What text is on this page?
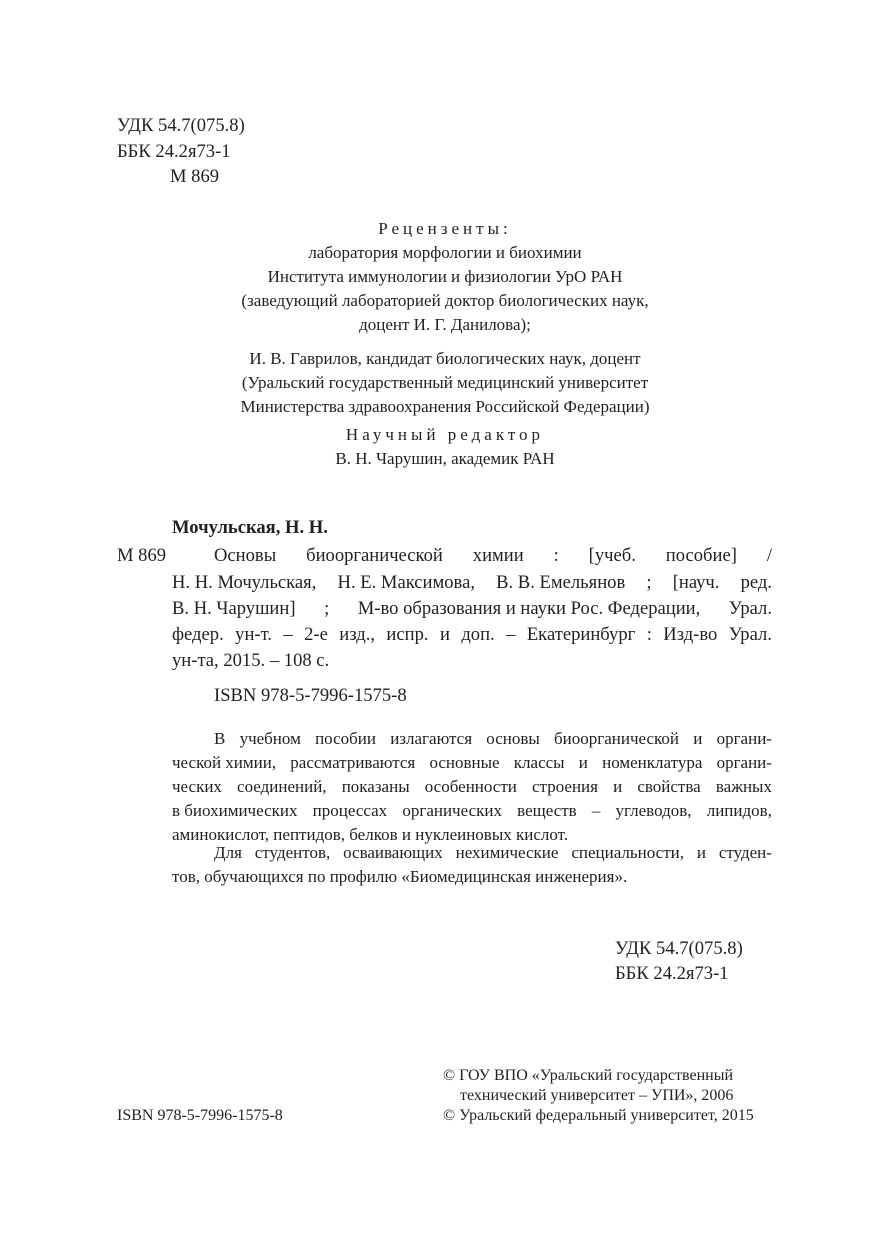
УДК 54.7(075.8)
ББК 24.2я73-1
М 869
Рецензенты:
лаборатория морфологии и биохимии
Института иммунологии и физиологии УрО РАН
(заведующий лабораторией доктор биологических наук,
доцент И. Г. Данилова);
И. В. Гаврилов, кандидат биологических наук, доцент
(Уральский государственный медицинский университет
Министерства здравоохранения Российской Федерации)
Научный редактор
В. Н. Чарушин, академик РАН
Мочульская, Н. Н.
М 869	Основы биоорганической химии : [учеб. пособие] /
Н. Н. Мочульская, Н. Е. Максимова, В. В. Емельянов ; [науч. ред.
В. Н. Чарушин] ; М-во образования и науки Рос. Федерации, Урал.
федер. ун-т. – 2-е изд., испр. и доп. – Екатеринбург : Изд-во Урал.
ун-та, 2015. – 108 с.
ISBN 978-5-7996-1575-8
В учебном пособии излагаются основы биоорганической и органи-
ческой химии, рассматриваются основные классы и номенклатура органи-
ческих соединений, показаны особенности строения и свойства важных
в биохимических процессах органических веществ – углеводов, липидов,
аминокислот, пептидов, белков и нуклеиновых кислот.
Для студентов, осваивающих нехимические специальности, и студен-
тов, обучающихся по профилю «Биомедицинская инженерия».
УДК 54.7(075.8)
ББК 24.2я73-1
ISBN 978-5-7996-1575-8
© ГОУ ВПО «Уральский государственный
технический университет – УПИ», 2006
© Уральский федеральный университет, 2015
